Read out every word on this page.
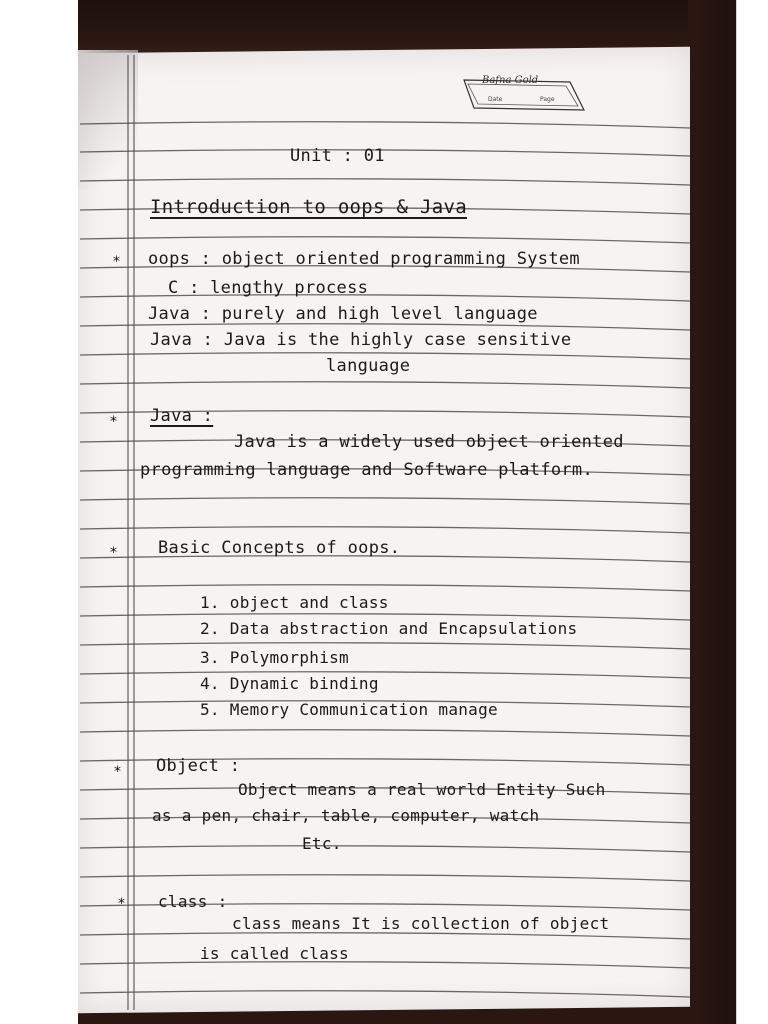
Bafna Gold
Date	Page
Unit : 01
Introduction to oops & Java
* oops : object oriented programming System
C : lengthy process
Java : purely and high level language
Java : Java is the highly case sensitive
language
* Java :
Java is a widely used object oriented
programming language and Software platform.
* Basic Concepts of oops.
1. object and class
2. Data abstraction and Encapsulations
3. Polymorphism
4. Dynamic binding
5. Memory Communication manage
* Object :
Object means a real world Entity Such
as a pen, chair, table, computer, watch
Etc.
* class :
class means It is collection of object
is called class
